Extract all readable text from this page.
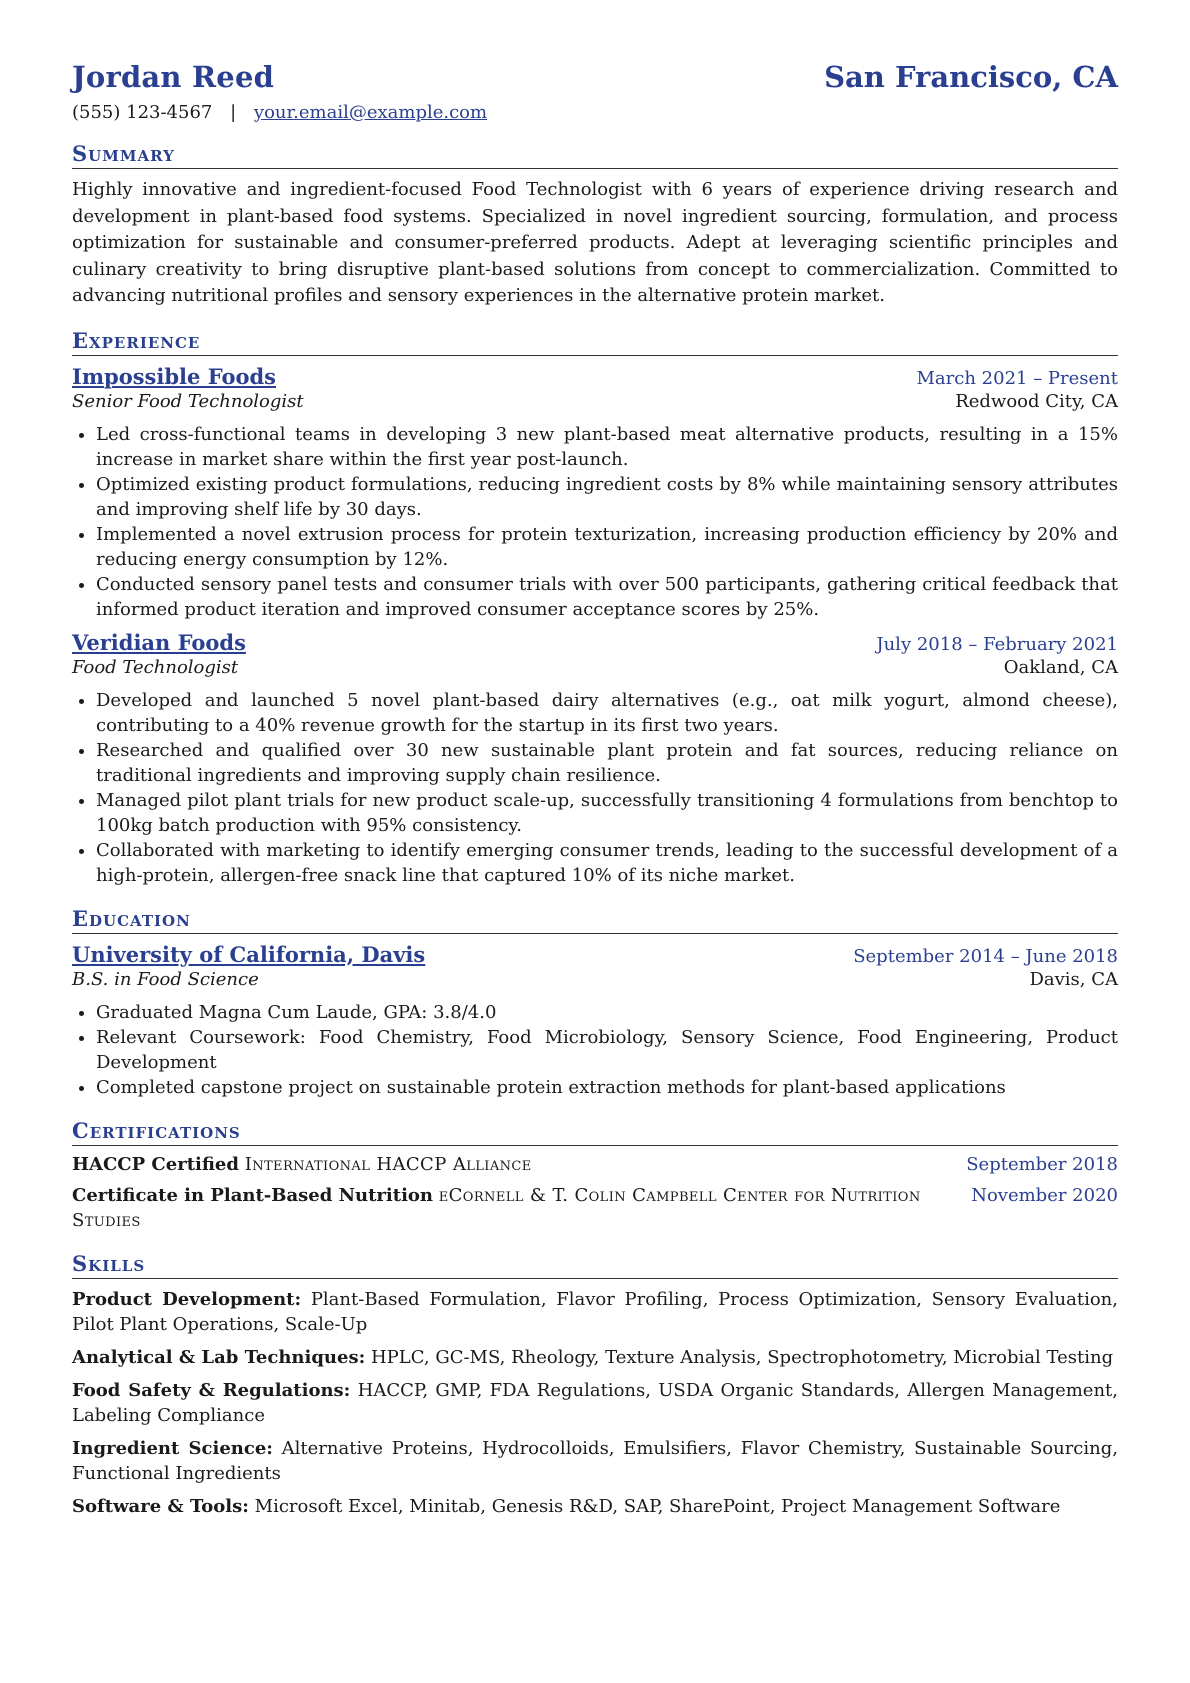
Jordan Reed	San Francisco, CA
(555) 123-4567 | your.email@example.com
Summary
Highly innovative and ingredient-focused Food Technologist with 6 years of experience driving research and development in plant-based food systems. Specialized in novel ingredient sourcing, formulation, and process optimization for sustainable and consumer-preferred products. Adept at leveraging scientific principles and culinary creativity to bring disruptive plant-based solutions from concept to commercialization. Committed to advancing nutritional profiles and sensory experiences in the alternative protein market.
Experience
Impossible Foods	March 2021 – Present
Senior Food Technologist	Redwood City, CA
• Led cross-functional teams in developing 3 new plant-based meat alternative products, resulting in a 15% increase in market share within the first year post-launch.
• Optimized existing product formulations, reducing ingredient costs by 8% while maintaining sensory attributes and improving shelf life by 30 days.
• Implemented a novel extrusion process for protein texturization, increasing production efficiency by 20% and reducing energy consumption by 12%.
• Conducted sensory panel tests and consumer trials with over 500 participants, gathering critical feedback that informed product iteration and improved consumer acceptance scores by 25%.
Veridian Foods	July 2018 – February 2021
Food Technologist	Oakland, CA
• Developed and launched 5 novel plant-based dairy alternatives (e.g., oat milk yogurt, almond cheese), contributing to a 40% revenue growth for the startup in its first two years.
• Researched and qualified over 30 new sustainable plant protein and fat sources, reducing reliance on traditional ingredients and improving supply chain resilience.
• Managed pilot plant trials for new product scale-up, successfully transitioning 4 formulations from benchtop to 100kg batch production with 95% consistency.
• Collaborated with marketing to identify emerging consumer trends, leading to the successful development of a high-protein, allergen-free snack line that captured 10% of its niche market.
Education
University of California, Davis	September 2014 – June 2018
B.S. in Food Science	Davis, CA
• Graduated Magna Cum Laude, GPA: 3.8/4.0
• Relevant Coursework: Food Chemistry, Food Microbiology, Sensory Science, Food Engineering, Product Development
• Completed capstone project on sustainable protein extraction methods for plant-based applications
Certifications
HACCP Certified International HACCP Alliance	September 2018
Certificate in Plant-Based Nutrition eCornell & T. Colin Campbell Center for Nutrition Studies
November 2020
Skills
Product Development: Plant-Based Formulation, Flavor Profiling, Process Optimization, Sensory Evaluation, Pilot Plant Operations, Scale-Up
Analytical & Lab Techniques: HPLC, GC-MS, Rheology, Texture Analysis, Spectrophotometry, Microbial Testing
Food Safety & Regulations: HACCP, GMP, FDA Regulations, USDA Organic Standards, Allergen Management, Labeling Compliance
Ingredient Science: Alternative Proteins, Hydrocolloids, Emulsifiers, Flavor Chemistry, Sustainable Sourcing, Functional Ingredients
Software & Tools: Microsoft Excel, Minitab, Genesis R&D, SAP, SharePoint, Project Management Software
